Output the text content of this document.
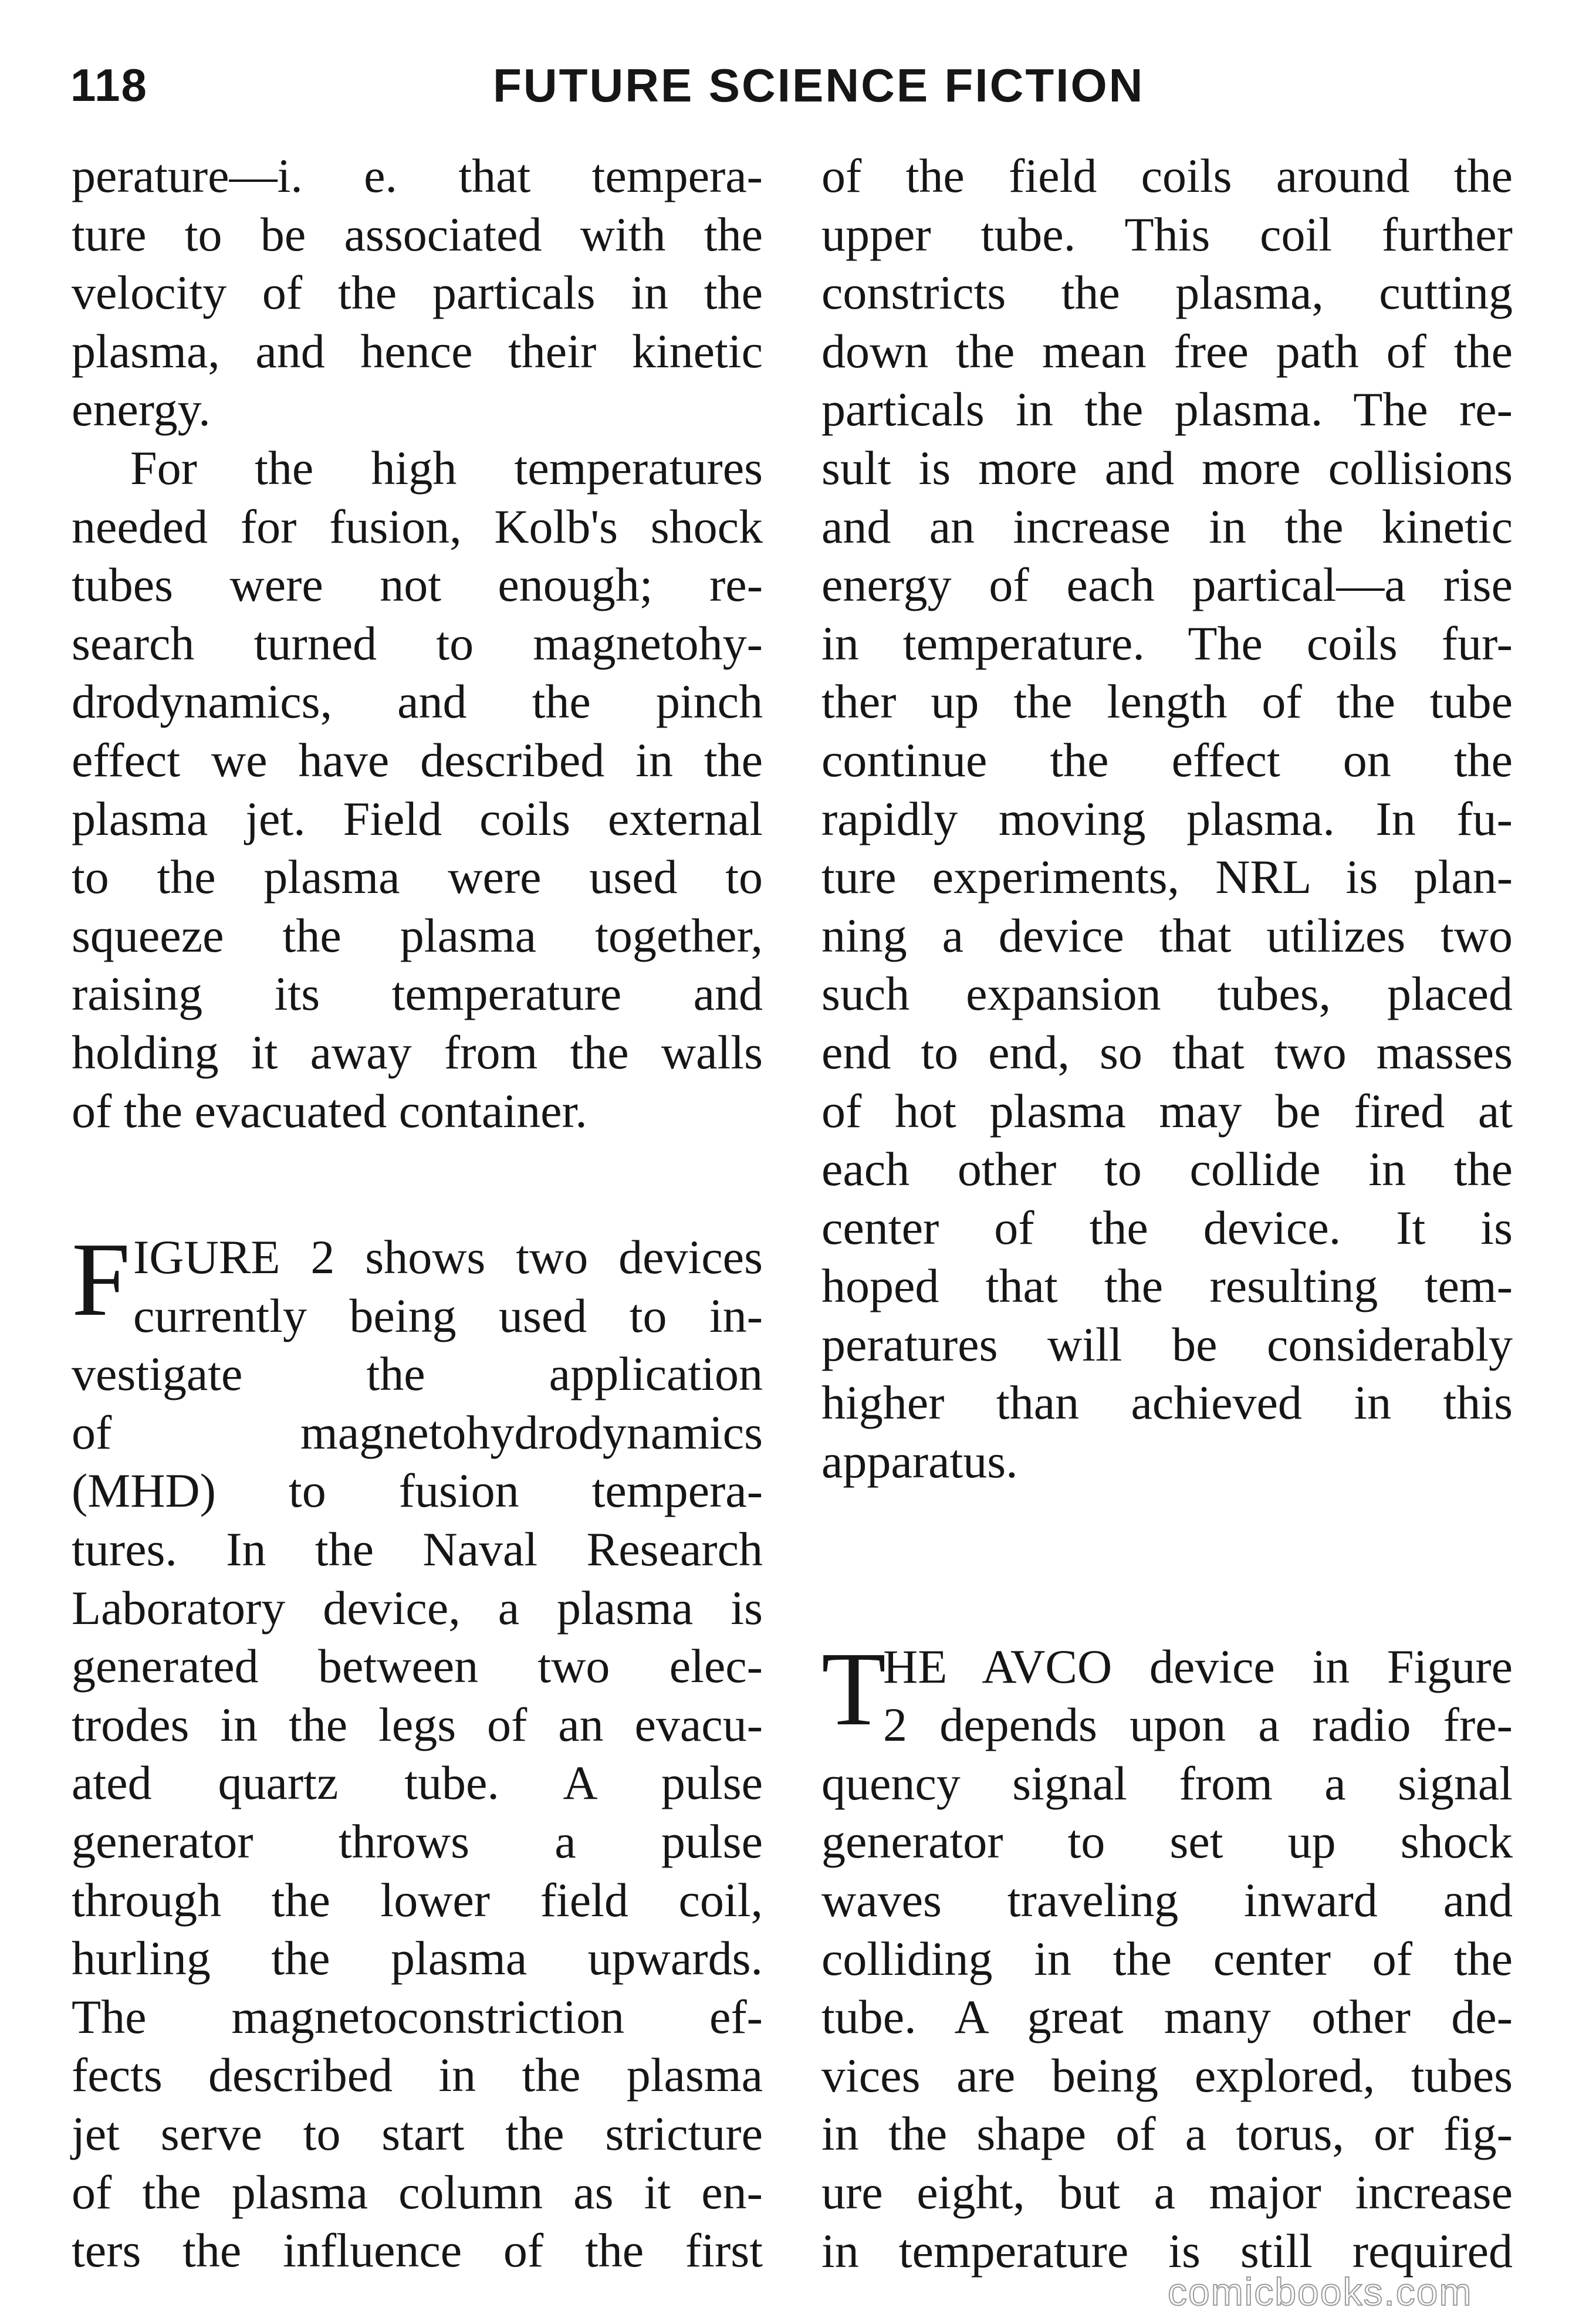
118	FUTURE SCIENCE FICTION
perature—i. e. that tempera-
ture to be associated with the
velocity of the particals in the
plasma, and hence their kinetic
energy.
For the high temperatures
needed for fusion, Kolb's shock
tubes were not enough; re-
search turned to magnetohy-
drodynamics, and the pinch
effect we have described in the
plasma jet. Field coils external
to the plasma were used to
squeeze the plasma together,
raising its temperature and
holding it away from the walls
of the evacuated container.
F IGURE 2 shows two devices
currently being used to in-
vestigate the application
of magnetohydrodynamics
(MHD) to fusion tempera-
tures. In the Naval Research
Laboratory device, a plasma is
generated between two elec-
trodes in the legs of an evacu-
ated quartz tube. A pulse
generator throws a pulse
through the lower field coil,
hurling the plasma upwards.
The magnetoconstriction ef-
fects described in the plasma
jet serve to start the stricture
of the plasma column as it en-
ters the influence of the first
of the field coils around the
upper tube. This coil further
constricts the plasma, cutting
down the mean free path of the
particals in the plasma. The re-
sult is more and more collisions
and an increase in the kinetic
energy of each partical—a rise
in temperature. The coils fur-
ther up the length of the tube
continue the effect on the
rapidly moving plasma. In fu-
ture experiments, NRL is plan-
ning a device that utilizes two
such expansion tubes, placed
end to end, so that two masses
of hot plasma may be fired at
each other to collide in the
center of the device. It is
hoped that the resulting tem-
peratures will be considerably
higher than achieved in this
apparatus.
T
HE AVCO device in Figure
2 depends upon a radio fre-
quency signal from a signal
generator to set up shock
waves traveling inward and
colliding in the center of the
tube. A great many other de-
vices are being explored, tubes
in the shape of a torus, or fig-
ure eight, but a major increase
in temperature is still required
comicbooks.com
